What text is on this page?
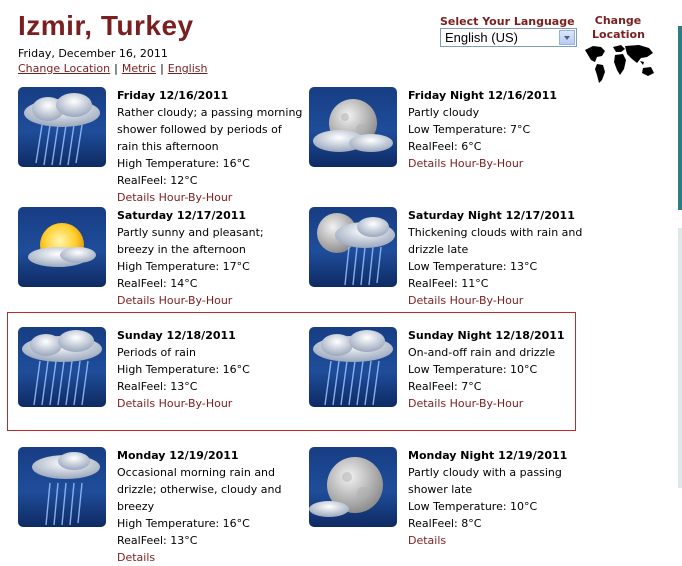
Izmir, Turkey
Friday, December 16, 2011
Change Location | Metric | English
Select Your Language
English (US)
Change Location
Friday 12/16/2011
Rather cloudy; a passing morning shower followed by periods of rain this afternoon
High Temperature: 16°C
RealFeel: 12°C
Details Hour-By-Hour
Friday Night 12/16/2011
Partly cloudy
Low Temperature: 7°C
RealFeel: 6°C
Details Hour-By-Hour
Saturday 12/17/2011
Partly sunny and pleasant; breezy in the afternoon
High Temperature: 17°C
RealFeel: 14°C
Details Hour-By-Hour
Saturday Night 12/17/2011
Thickening clouds with rain and drizzle late
Low Temperature: 13°C
RealFeel: 11°C
Details Hour-By-Hour
Sunday 12/18/2011
Periods of rain
High Temperature: 16°C
RealFeel: 13°C
Details Hour-By-Hour
Sunday Night 12/18/2011
On-and-off rain and drizzle
Low Temperature: 10°C
RealFeel: 7°C
Details Hour-By-Hour
Monday 12/19/2011
Occasional morning rain and drizzle; otherwise, cloudy and breezy
High Temperature: 16°C
RealFeel: 13°C
Details
Monday Night 12/19/2011
Partly cloudy with a passing shower late
Low Temperature: 10°C
RealFeel: 8°C
Details
